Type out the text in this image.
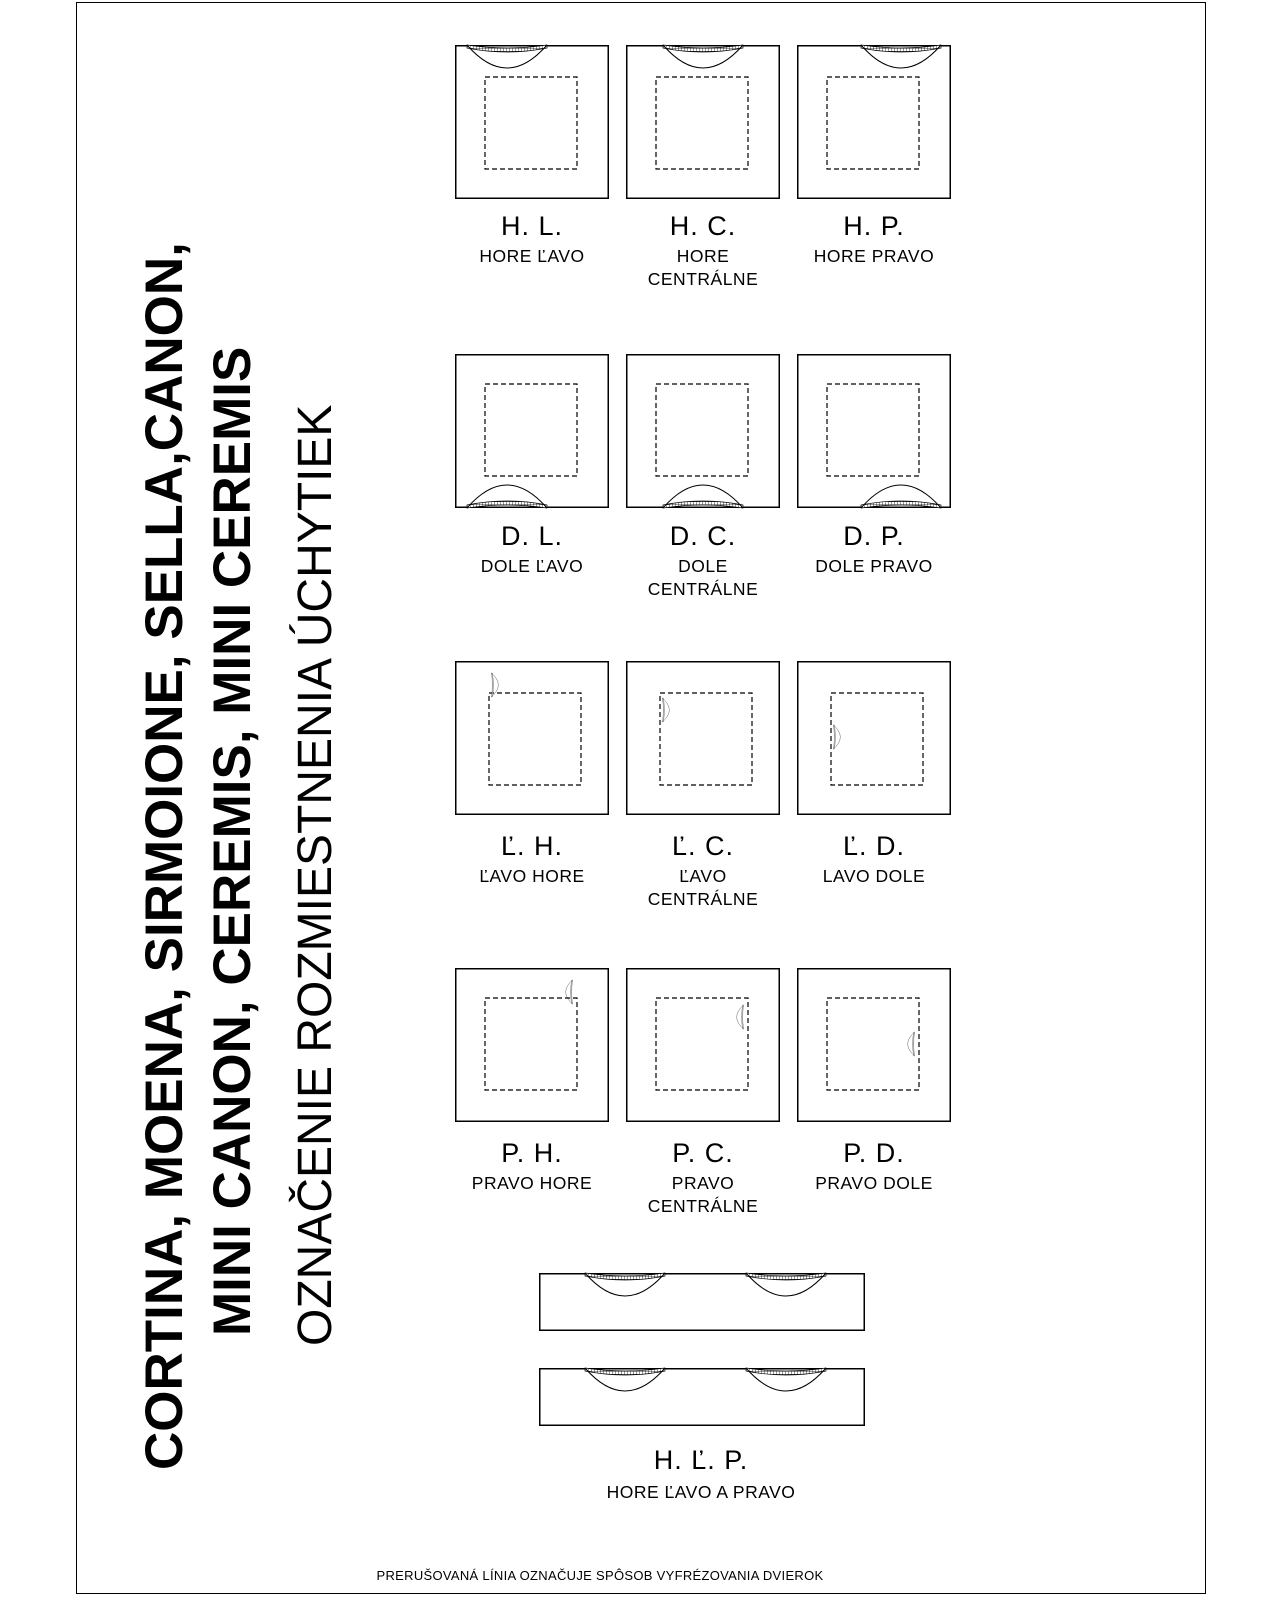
CORTINA, MOENA, SIRMOIONE, SELLA,CANON, MINI CANON, CEREMIS, MINI CEREMIS OZNAČENIE ROZMIESTNENIA ÚCHYTIEK
H. L.
HORE ĽAVO
H. C.
HORE
CENTRÁLNE
H. P.
HORE PRAVO
D. L.
DOLE ĽAVO
D. C.
DOLE
CENTRÁLNE
D. P.
DOLE PRAVO
Ľ. H.
ĽAVO HORE
Ľ. C.
ĽAVO
CENTRÁLNE
Ľ. D.
LAVO DOLE
P. H.
PRAVO HORE
P. C.
PRAVO
CENTRÁLNE
P. D.
PRAVO DOLE
H. Ľ. P.
HORE ĽAVO A PRAVO
PRERUŠOVANÁ LÍNIA OZNAČUJE SPÔSOB VYFRÉZOVANIA DVIEROK
